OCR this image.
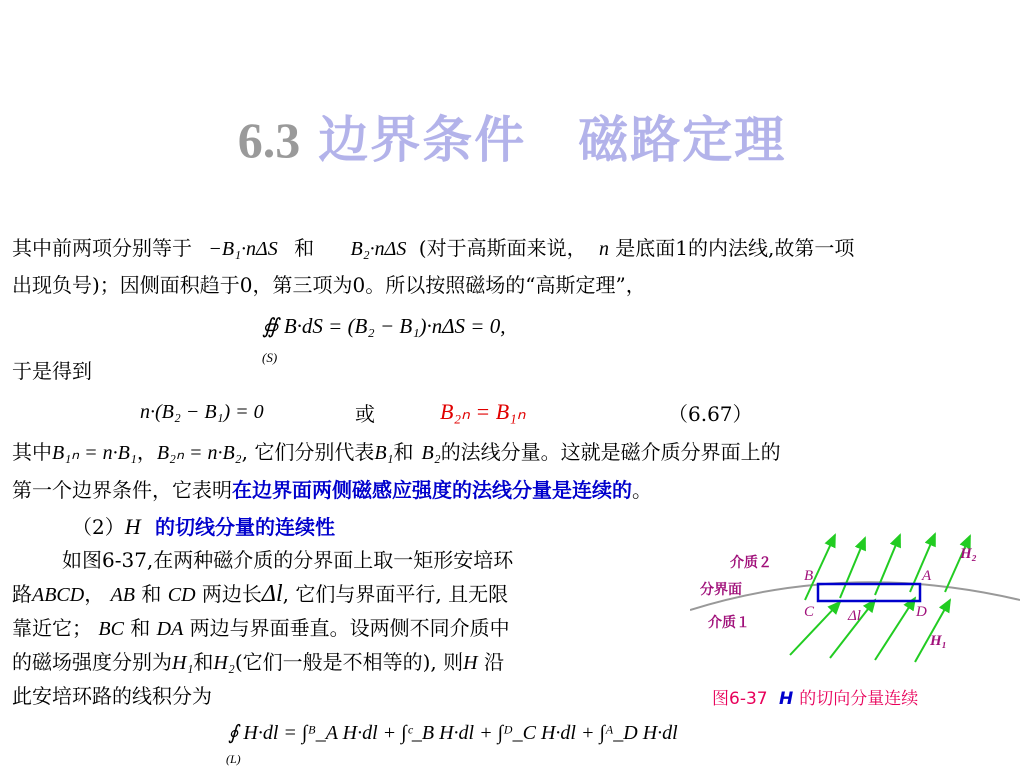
6.3 边界条件　磁路定理
其中前两项分别等于 −B₁·nΔS 和 B₂·nΔS (对于高斯面来说， n 是底面1的内法线,故第一项
出现负号)；因侧面积趋于0，第三项为0。所以按照磁场的“高斯定理”，
∯ B·dS = (B₂ − B₁)·nΔS = 0,
(S)
于是得到
n·(B₂ − B₁) = 0	或	B₂ₙ = B₁ₙ	（6.67）
其中B₁ₙ = n·B₁，B₂ₙ = n·B₂, 它们分别代表B₁和 B₂的法线分量。这就是磁介质分界面上的
第一个边界条件，它表明在边界面两侧磁感应强度的法线分量是连续的。
（2）H 的切线分量的连续性
如图6-37,在两种磁介质的分界面上取一矩形安培环
路ABCD， AB 和 CD 两边长Δl, 它们与界面平行, 且无限
靠近它； BC 和 DA 两边与界面垂直。设两侧不同介质中
的磁场强度分别为H₁和H₂(它们一般是不相等的), 则H 沿
此安培环路的线积分为
∮ H·dl = ∫ᴮ_A H·dl + ∫ᶜ_B H·dl + ∫ᴰ_C H·dl + ∫ᴬ_D H·dl
(L)
介质２
分界面
介质１
B	A
C	D
Δl
H₂
H₁
图6-37 H 的切向分量连续
